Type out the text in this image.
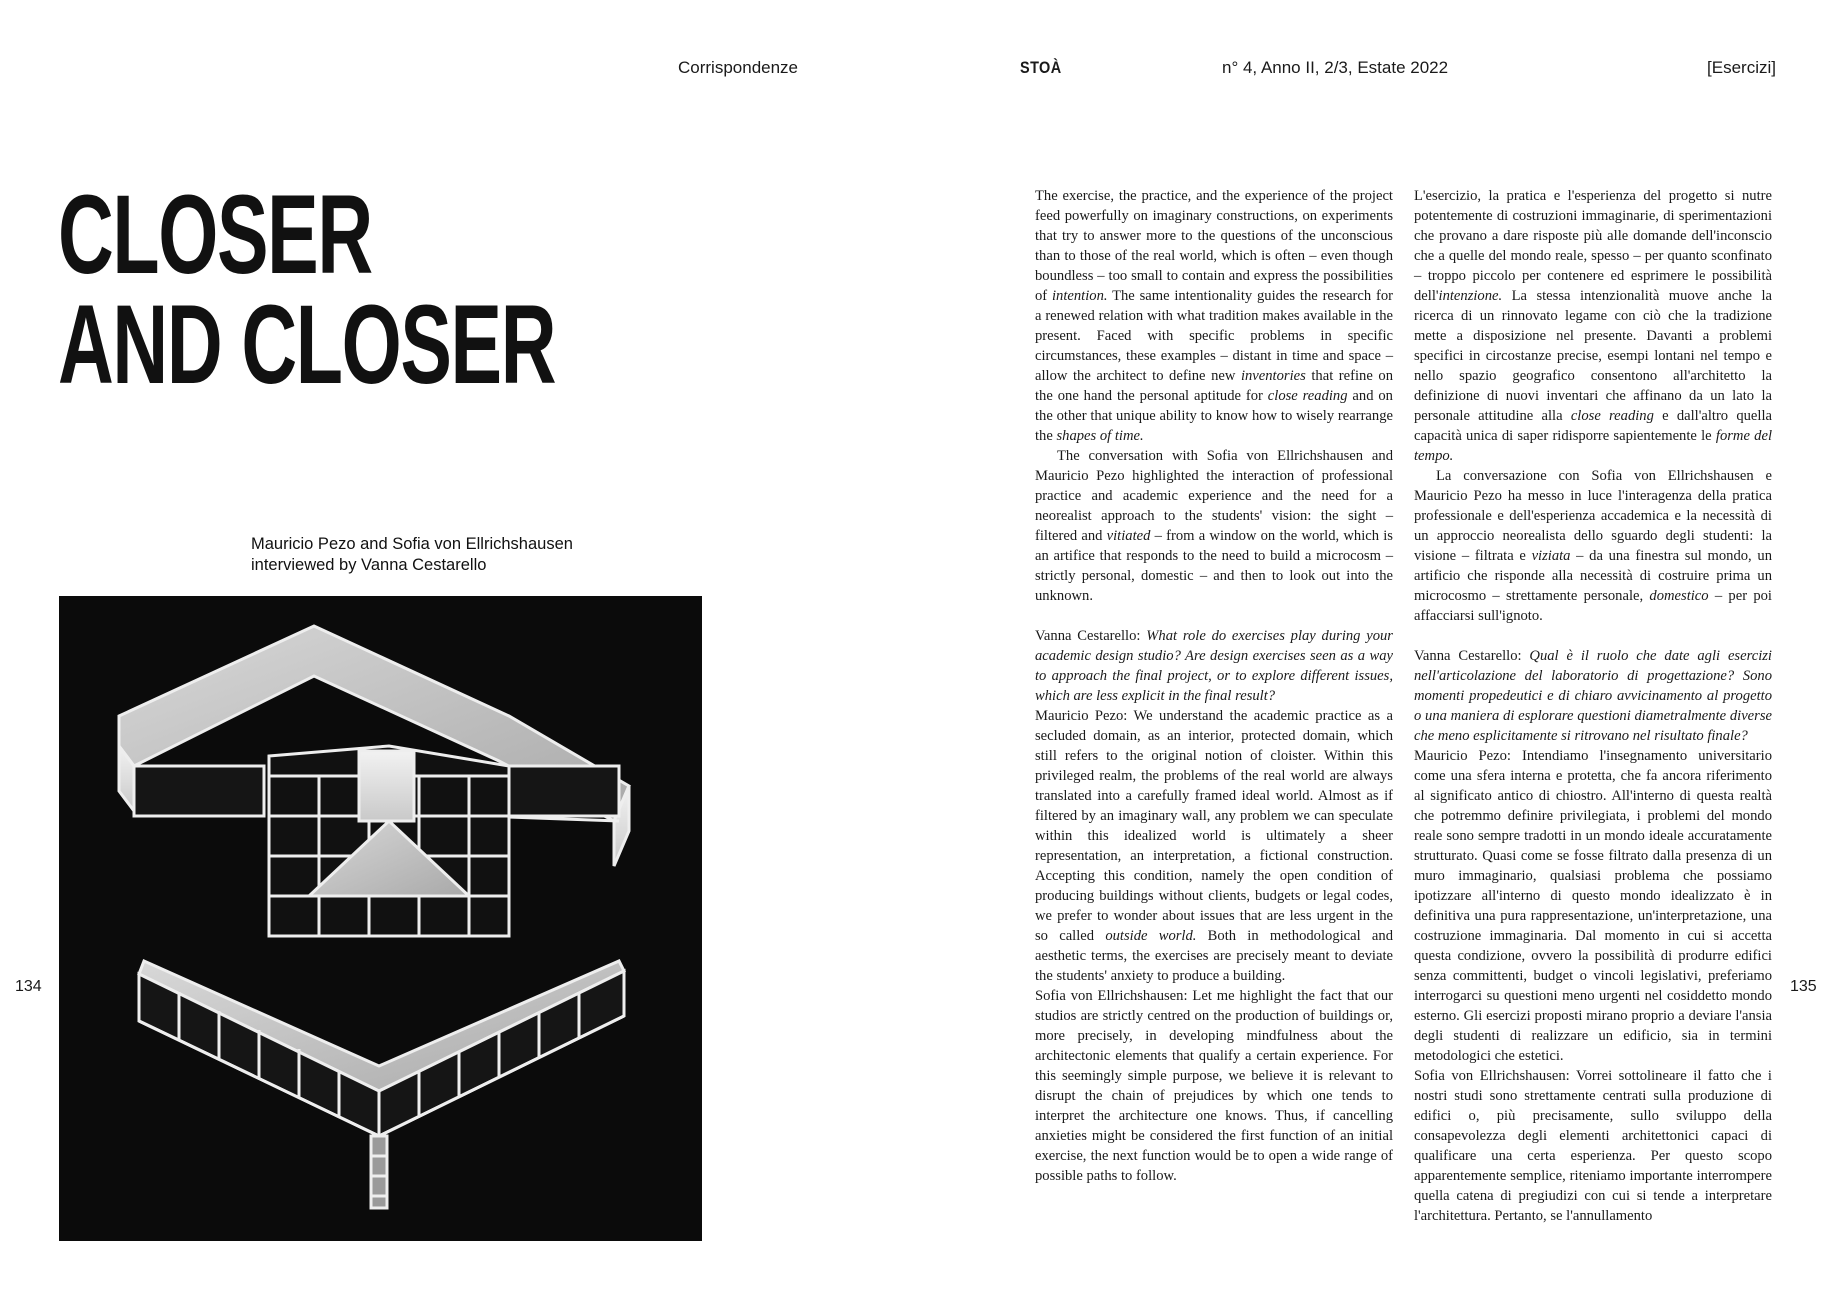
Corrispondenze	STOÀ	n° 4, Anno II, 2/3, Estate 2022	[Esercizi]
CLOSER
AND CLOSER
Mauricio Pezo and Sofia von Ellrichshausen
interviewed by Vanna Cestarello
134	135

The exercise, the practice, and the experience of the project feed powerfully on imaginary constructions, on experiments that try to answer more to the questions of the unconscious than to those of the real world, which is often – even though boundless – too small to contain and express the possibilities of intention. The same intentionality guides the research for a renewed relation with what tradition makes available in the present. Faced with specific problems in specific circumstances, these examples – distant in time and space – allow the architect to define new inventories that refine on the one hand the personal aptitude for close reading and on the other that unique ability to know how to wisely rearrange the shapes of time.

The conversation with Sofia von Ellrichshausen and Mauricio Pezo highlighted the interaction of professional practice and academic experience and the need for a neorealist approach to the students' vision: the sight – filtered and vitiated – from a window on the world, which is an artifice that responds to the need to build a microcosm – strictly personal, domestic – and then to look out into the unknown.

Vanna Cestarello: What role do exercises play during your academic design studio? Are design exercises seen as a way to approach the final project, or to explore different issues, which are less explicit in the final result?

Mauricio Pezo: We understand the academic practice as a secluded domain, as an interior, protected domain, which still refers to the original notion of cloister. Within this privileged realm, the problems of the real world are always translated into a carefully framed ideal world. Almost as if filtered by an imaginary wall, any problem we can speculate within this idealized world is ultimately a sheer representation, an interpretation, a fictional construction. Accepting this condition, namely the open condition of producing buildings without clients, budgets or legal codes, we prefer to wonder about issues that are less urgent in the so called outside world. Both in methodological and aesthetic terms, the exercises are precisely meant to deviate the students' anxiety to produce a building.

Sofia von Ellrichshausen: Let me highlight the fact that our studios are strictly centred on the production of buildings or, more precisely, in developing mindfulness about the architectonic elements that qualify a certain experience. For this seemingly simple purpose, we believe it is relevant to disrupt the chain of prejudices by which one tends to interpret the architecture one knows. Thus, if cancelling anxieties might be considered the first function of an initial exercise, the next function would be to open a wide range of possible paths to follow.

L'esercizio, la pratica e l'esperienza del progetto si nutre potentemente di costruzioni immaginarie, di sperimentazioni che provano a dare risposte più alle domande dell'inconscio che a quelle del mondo reale, spesso – per quanto sconfinato – troppo piccolo per contenere ed esprimere le possibilità dell'intenzione. La stessa intenzionalità muove anche la ricerca di un rinnovato legame con ciò che la tradizione mette a disposizione nel presente. Davanti a problemi specifici in circostanze precise, esempi lontani nel tempo e nello spazio geografico consentono all'architetto la definizione di nuovi inventari che affinano da un lato la personale attitudine alla close reading e dall'altro quella capacità unica di saper ridisporre sapientemente le forme del tempo.

La conversazione con Sofia von Ellrichshausen e Mauricio Pezo ha messo in luce l'interagenza della pratica professionale e dell'esperienza accademica e la necessità di un approccio neorealista dello sguardo degli studenti: la visione – filtrata e viziata – da una finestra sul mondo, un artificio che risponde alla necessità di costruire prima un microcosmo – strettamente personale, domestico – per poi affacciarsi sull'ignoto.

Vanna Cestarello: Qual è il ruolo che date agli esercizi nell'articolazione del laboratorio di progettazione? Sono momenti propedeutici e di chiaro avvicinamento al progetto o una maniera di esplorare questioni diametralmente diverse che meno esplicitamente si ritrovano nel risultato finale?

Mauricio Pezo: Intendiamo l'insegnamento universitario come una sfera interna e protetta, che fa ancora riferimento al significato antico di chiostro. All'interno di questa realtà che potremmo definire privilegiata, i problemi del mondo reale sono sempre tradotti in un mondo ideale accuratamente strutturato. Quasi come se fosse filtrato dalla presenza di un muro immaginario, qualsiasi problema che possiamo ipotizzare all'interno di questo mondo idealizzato è in definitiva una pura rappresentazione, un'interpretazione, una costruzione immaginaria. Dal momento in cui si accetta questa condizione, ovvero la possibilità di produrre edifici senza committenti, budget o vincoli legislativi, preferiamo interrogarci su questioni meno urgenti nel cosiddetto mondo esterno. Gli esercizi proposti mirano proprio a deviare l'ansia degli studenti di realizzare un edificio, sia in termini metodologici che estetici.

Sofia von Ellrichshausen: Vorrei sottolineare il fatto che i nostri studi sono strettamente centrati sulla produzione di edifici o, più precisamente, sullo sviluppo della consapevolezza degli elementi architettonici capaci di qualificare una certa esperienza. Per questo scopo apparentemente semplice, riteniamo importante interrompere quella catena di pregiudizi con cui si tende a interpretare l'architettura. Pertanto, se l'annullamento
